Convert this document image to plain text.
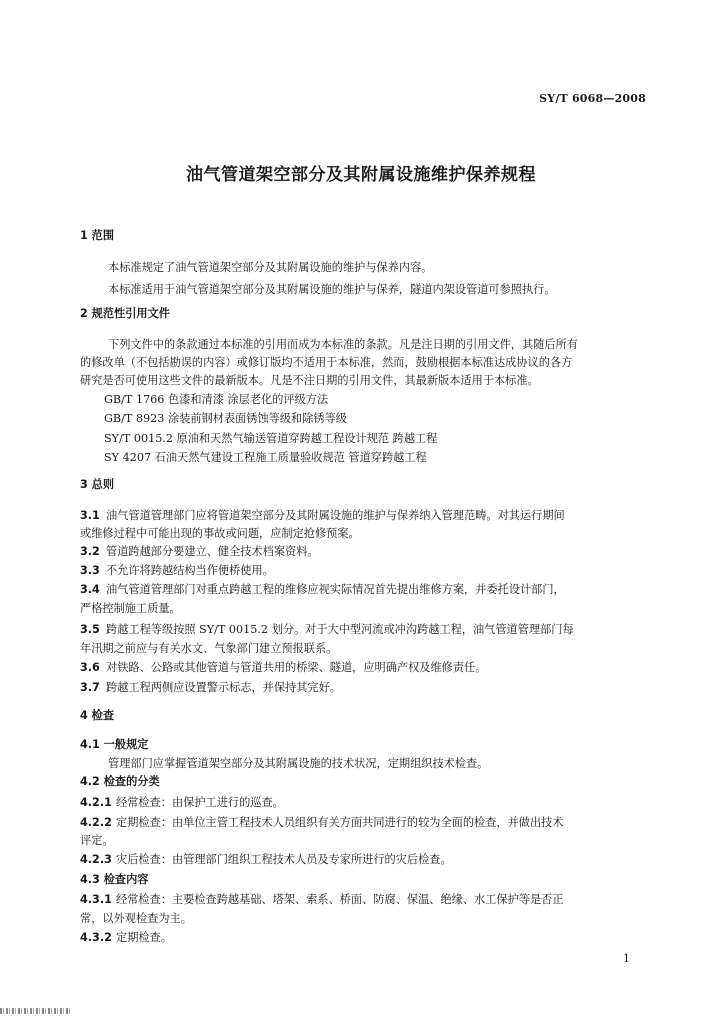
SY/T 6068—2008
油气管道架空部分及其附属设施维护保养规程
1 范围
本标准规定了油气管道架空部分及其附属设施的维护与保养内容。
本标准适用于油气管道架空部分及其附属设施的维护与保养，隧道内架设管道可参照执行。
2 规范性引用文件
下列文件中的条款通过本标准的引用而成为本标准的条款。凡是注日期的引用文件，其随后所有
的修改单（不包括勘误的内容）或修订版均不适用于本标准，然而，鼓励根据本标准达成协议的各方
研究是否可使用这些文件的最新版本。凡是不注日期的引用文件，其最新版本适用于本标准。
GB/T 1766 色漆和清漆 涂层老化的评级方法
GB/T 8923 涂装前钢材表面锈蚀等级和除锈等级
SY/T 0015.2 原油和天然气输送管道穿跨越工程设计规范 跨越工程
SY 4207 石油天然气建设工程施工质量验收规范 管道穿跨越工程
3 总则
3.1 油气管道管理部门应将管道架空部分及其附属设施的维护与保养纳入管理范畴。对其运行期间
或维修过程中可能出现的事故或问题，应制定抢修预案。
3.2 管道跨越部分要建立、健全技术档案资料。
3.3 不允许将跨越结构当作便桥使用。
3.4 油气管道管理部门对重点跨越工程的维修应视实际情况首先提出维修方案，并委托设计部门，
严格控制施工质量。
3.5 跨越工程等级按照 SY/T 0015.2 划分。对于大中型河流或冲沟跨越工程，油气管道管理部门每
年汛期之前应与有关水文、气象部门建立预报联系。
3.6 对铁路、公路或其他管道与管道共用的桥梁、隧道，应明确产权及维修责任。
3.7 跨越工程两侧应设置警示标志，并保持其完好。
4 检查
4.1 一般规定
管理部门应掌握管道架空部分及其附属设施的技术状况，定期组织技术检查。
4.2 检查的分类
4.2.1 经常检查：由保护工进行的巡查。
4.2.2 定期检查：由单位主管工程技术人员组织有关方面共同进行的较为全面的检查，并做出技术
评定。
4.2.3 灾后检查：由管理部门组织工程技术人员及专家所进行的灾后检查。
4.3 检查内容
4.3.1 经常检查：主要检查跨越基础、塔架、索系、桥面、防腐、保温、绝缘、水工保护等是否正
常，以外观检查为主。
4.3.2 定期检查。
1
